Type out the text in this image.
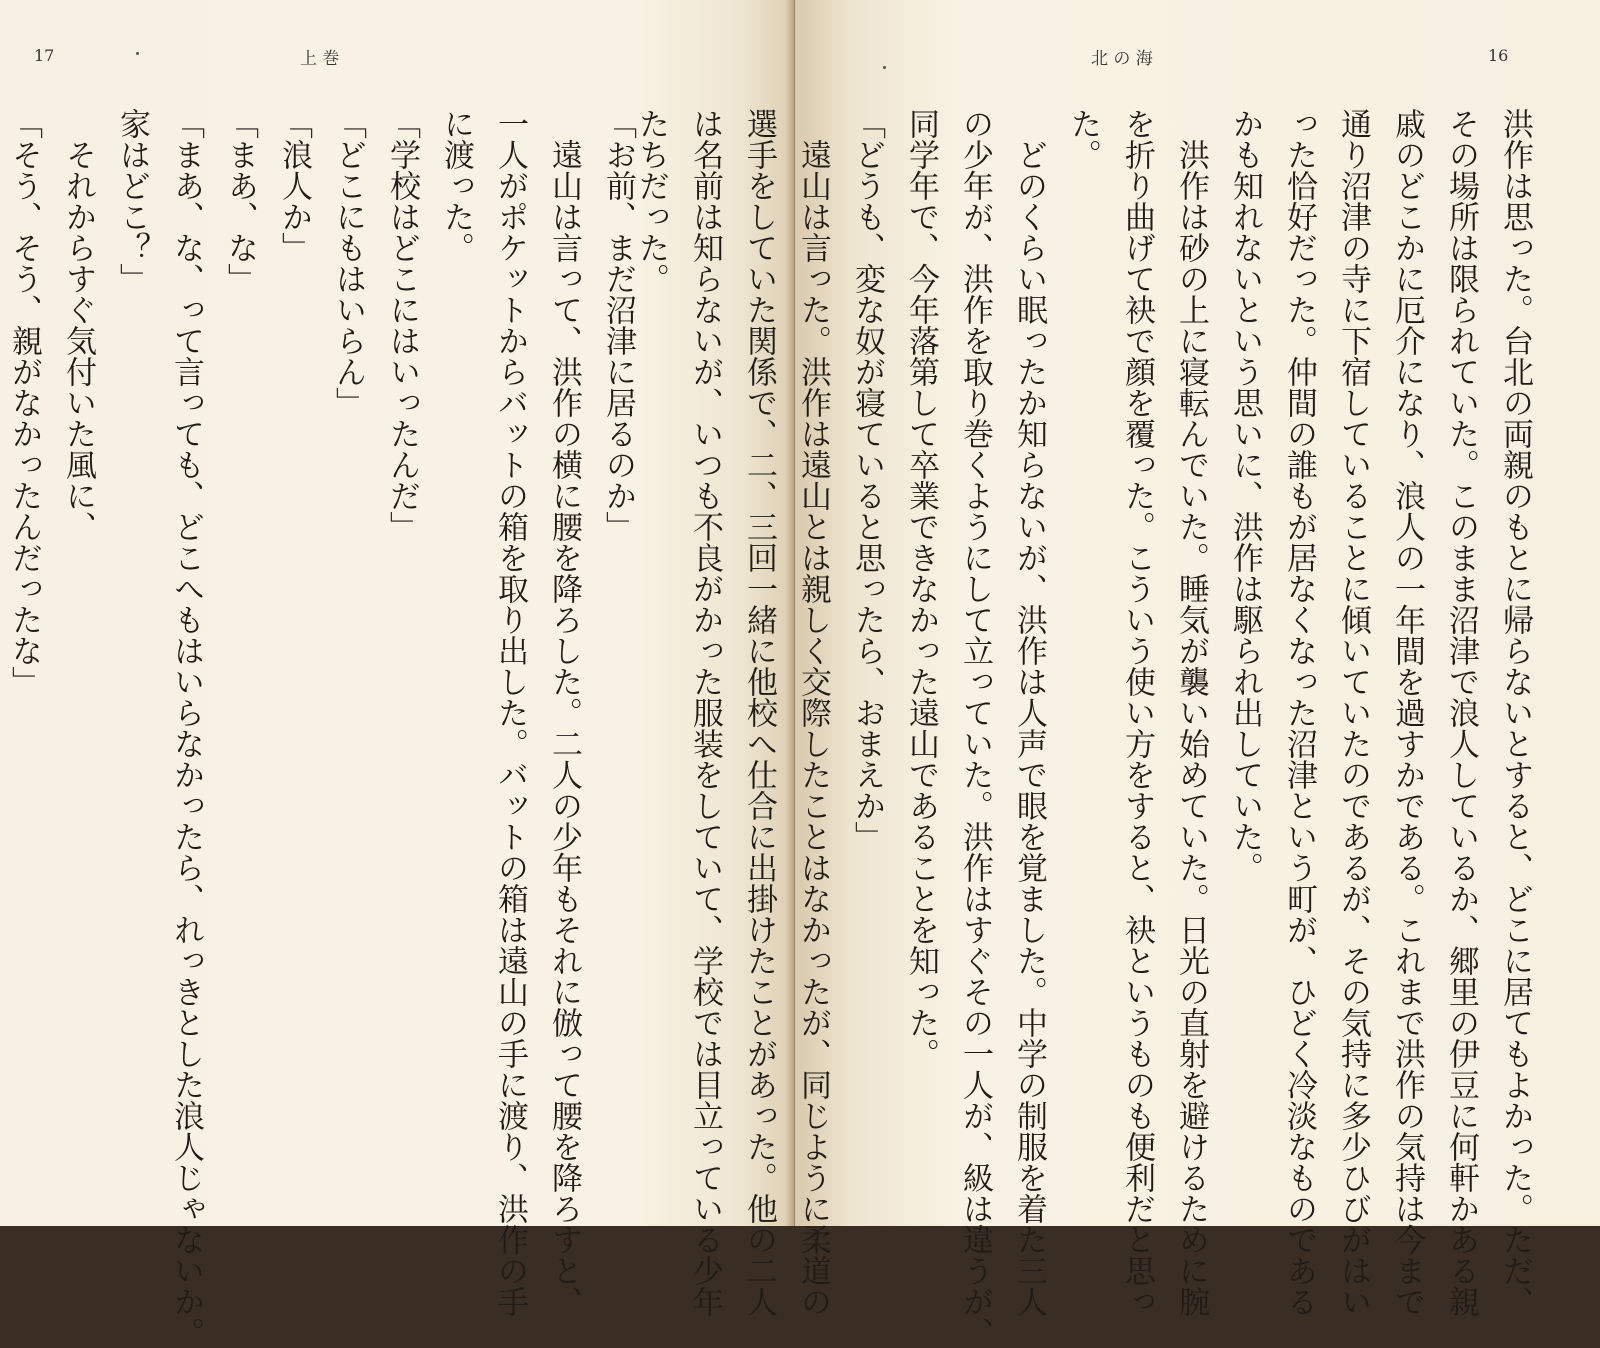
17	上 巻
「お前、まだ沼津に居るのか」
　遠山は言って、洪作の横に腰を降ろした。二人の少年もそれに倣って腰を降ろすと、
一人がポケットからバットの箱を取り出した。バットの箱は遠山の手に渡り、洪作の手
に渡った。
「学校はどこにはいったんだ」
「どこにもはいらん」
「浪人か」
「まあ、な」
「まあ、な、って言っても、どこへもはいらなかったら、れっきとした浪人じゃないか。
家はどこ？」
　それからすぐ気付いた風に、
「そう、そう、親がなかったんだったな」
16
北 の 海
洪作は思った。台北の両親のもとに帰らないとすると、どこに居てもよかった。ただ、
その場所は限られていた。このまま沼津で浪人しているか、郷里の伊豆に何軒かある親
戚のどこかに厄介になり、浪人の一年間を過すかである。これまで洪作の気持は今まで
通り沼津の寺に下宿していることに傾いていたのであるが、その気持に多少ひびがはい
った恰好だった。仲間の誰もが居なくなった沼津という町が、ひどく冷淡なものである
かも知れないという思いに、洪作は駆られ出していた。
　洪作は砂の上に寝転んでいた。睡気が襲い始めていた。日光の直射を避けるために腕
を折り曲げて袂で顔を覆った。こういう使い方をすると、袂というものも便利だと思っ
た。
　どのくらい眠ったか知らないが、洪作は人声で眼を覚ました。中学の制服を着た三人
の少年が、洪作を取り巻くようにして立っていた。洪作はすぐその一人が、級は違うが、
同学年で、今年落第して卒業できなかった遠山であることを知った。
「どうも、変な奴が寝ていると思ったら、おまえか」
　遠山は言った。洪作は遠山とは親しく交際したことはなかったが、同じように柔道の
選手をしていた関係で、二、三回一緒に他校へ仕合に出掛けたことがあった。他の二人
は名前は知らないが、いつも不良がかった服装をしていて、学校では目立っている少年
たちだった。
